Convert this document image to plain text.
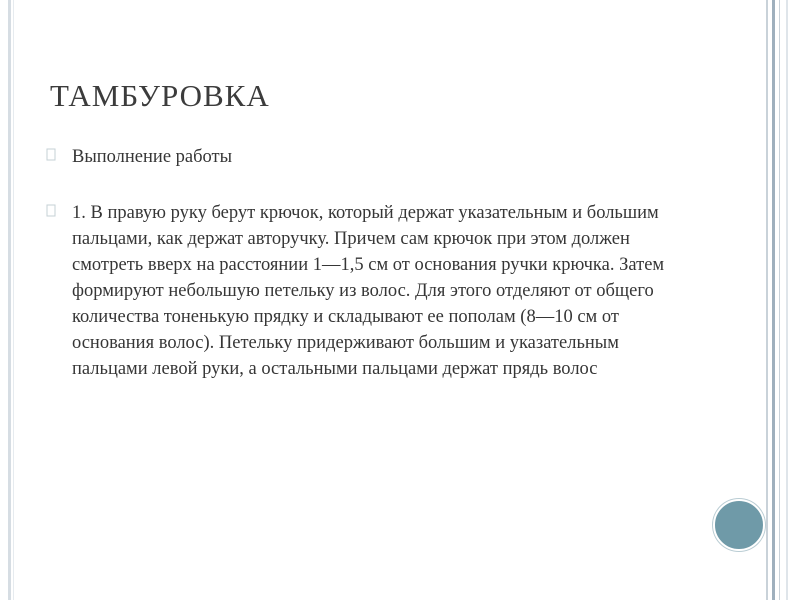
ТАМБУРОВКА
Выполнение работы
1. В правую руку берут крючок, который держат указательным и большим пальцами, как держат авторучку. Причем сам крючок при этом должен смотреть вверх на расстоянии 1—1,5 см от основания ручки крючка. Затем формируют небольшую петельку из волос. Для этого отделяют от общего количества тоненькую прядку и складывают ее пополам (8—10 см от основания волос). Петельку придерживают большим и указательным пальцами левой руки, а остальными пальцами держат прядь волос
